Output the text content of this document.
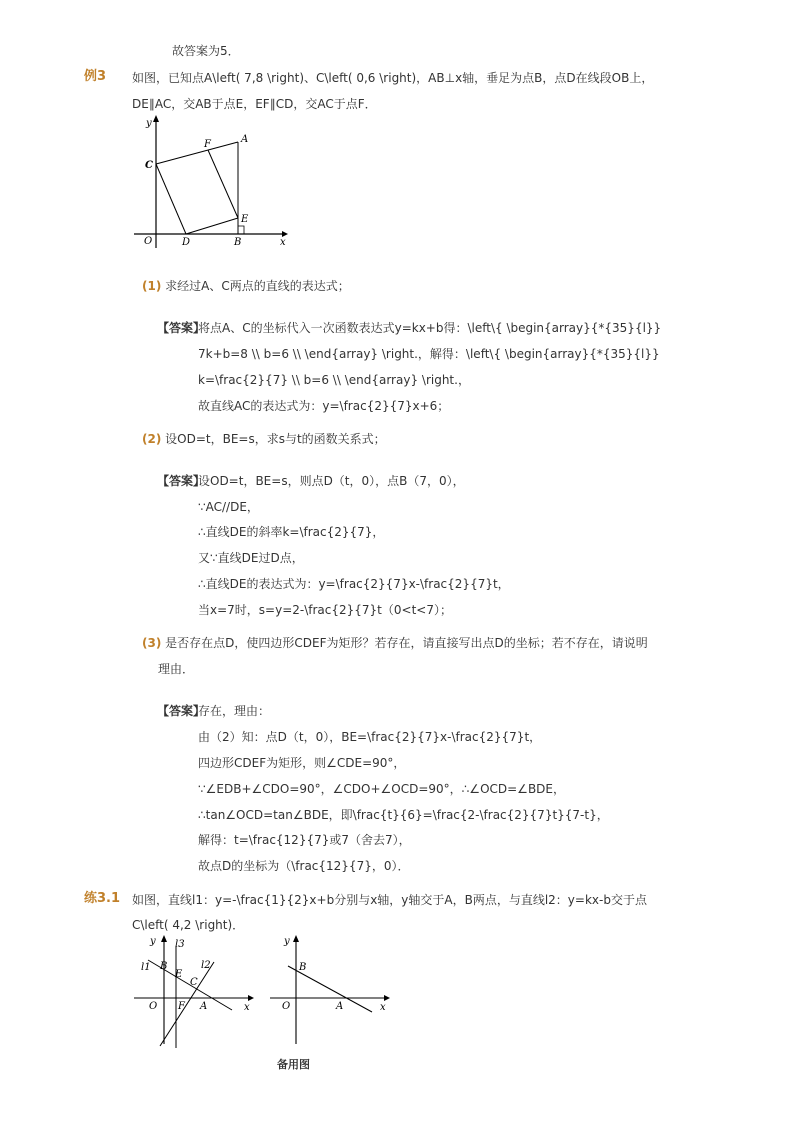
故答案为5．
例3 如图，已知点A\left( 7,8 \right)、C\left( 0,6 \right)，AB⊥x轴，垂足为点B，点D在线段OB上，
DE∥AC，交AB于点E，EF∥CD，交AC于点F．
y
x
C
F	A
E
O	D	B
(1) 求经过A、C两点的直线的表达式；
【答案】
将点A、C的坐标代入一次函数表达式y=kx+b得：\left\{ \begin{array}{*{35}{l}}
7k+b=8 \\ b=6 \\ \end{array} \right.，解得：\left\{ \begin{array}{*{35}{l}}
k=\frac{2}{7} \\ b=6 \\ \end{array} \right.，
故直线AC的表达式为：y=\frac{2}{7}x+6；
(2) 设OD=t，BE=s，求s与t的函数关系式；
【答案】
设OD=t，BE=s，则点D（t，0），点B（7，0），
∵AC//DE，
∴直线DE的斜率k=\frac{2}{7}，
又∵直线DE过D点，
∴直线DE的表达式为：y=\frac{2}{7}x-\frac{2}{7}t，
当x=7时，s=y=2-\frac{2}{7}t（0<t<7）；
(3) 是否存在点D，使四边形CDEF为矩形？若存在，请直接写出点D的坐标；若不存在，请说明
理由．
【答案】
存在，理由：
由（2）知：点D（t，0），BE=\frac{2}{7}x-\frac{2}{7}t，
四边形CDEF为矩形，则∠CDE=90°，
∵∠EDB+∠CDO=90°，∠CDO+∠OCD=90°，∴∠OCD=∠BDE，
∴tan∠OCD=tan∠BDE，即\frac{t}{6}=\frac{2-\frac{2}{7}t}{7-t}，
解得：t=\frac{12}{7}或7（舍去7），
故点D的坐标为（\frac{12}{7}，0）．
练3.1 如图，直线l1：y=-\frac{1}{2}x+b分别与x轴，y轴交于A，B两点，与直线l2：y=kx-b交于点
C\left( 4,2 \right)．
y l3
l1 B
E
l2
C
O F A	x
y
B
O	A	x
备用图
